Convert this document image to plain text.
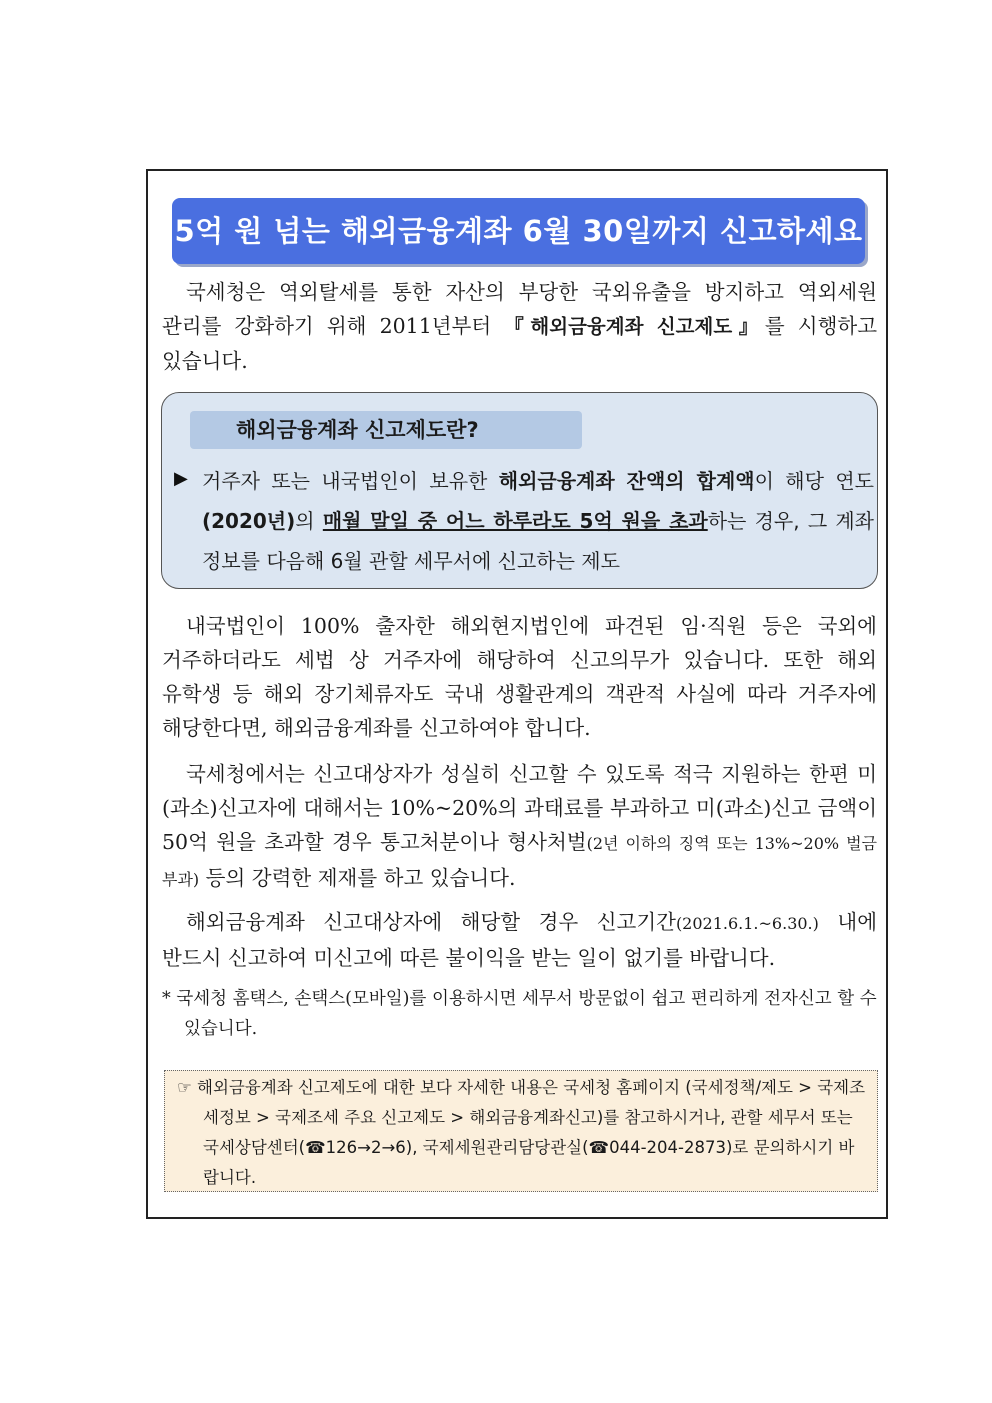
5억 원 넘는 해외금융계좌 6월 30일까지 신고하세요
국세청은 역외탈세를 통한 자산의 부당한 국외유출을 방지하고 역외세원 관리를 강화하기 위해 2011년부터 『해외금융계좌 신고제도』를 시행하고 있습니다.
해외금융계좌 신고제도란?
▶ 거주자 또는 내국법인이 보유한 해외금융계좌 잔액의 합계액이 해당 연도(2020년)의 매월 말일 중 어느 하루라도 5억 원을 초과하는 경우, 그 계좌 정보를 다음해 6월 관할 세무서에 신고하는 제도
내국법인이 100% 출자한 해외현지법인에 파견된 임·직원 등은 국외에 거주하더라도 세법 상 거주자에 해당하여 신고의무가 있습니다. 또한 해외 유학생 등 해외 장기체류자도 국내 생활관계의 객관적 사실에 따라 거주자에 해당한다면, 해외금융계좌를 신고하여야 합니다.
국세청에서는 신고대상자가 성실히 신고할 수 있도록 적극 지원하는 한편 미(과소)신고자에 대해서는 10%~20%의 과태료를 부과하고 미(과소)신고 금액이 50억 원을 초과할 경우 통고처분이나 형사처벌(2년 이하의 징역 또는 13%~20% 벌금 부과) 등의 강력한 제재를 하고 있습니다.
해외금융계좌 신고대상자에 해당할 경우 신고기간(2021.6.1.~6.30.) 내에 반드시 신고하여 미신고에 따른 불이익을 받는 일이 없기를 바랍니다.
* 국세청 홈택스, 손택스(모바일)를 이용하시면 세무서 방문없이 쉽고 편리하게 전자신고 할 수 있습니다.
☞ 해외금융계좌 신고제도에 대한 보다 자세한 내용은 국세청 홈페이지 (국세정책/제도 > 국제조세정보 > 국제조세 주요 신고제도 > 해외금융계좌신고)를 참고하시거나, 관할 세무서 또는 국세상담센터(☎126→2→6), 국제세원관리담당관실(☎044-204-2873)로 문의하시기 바랍니다.
